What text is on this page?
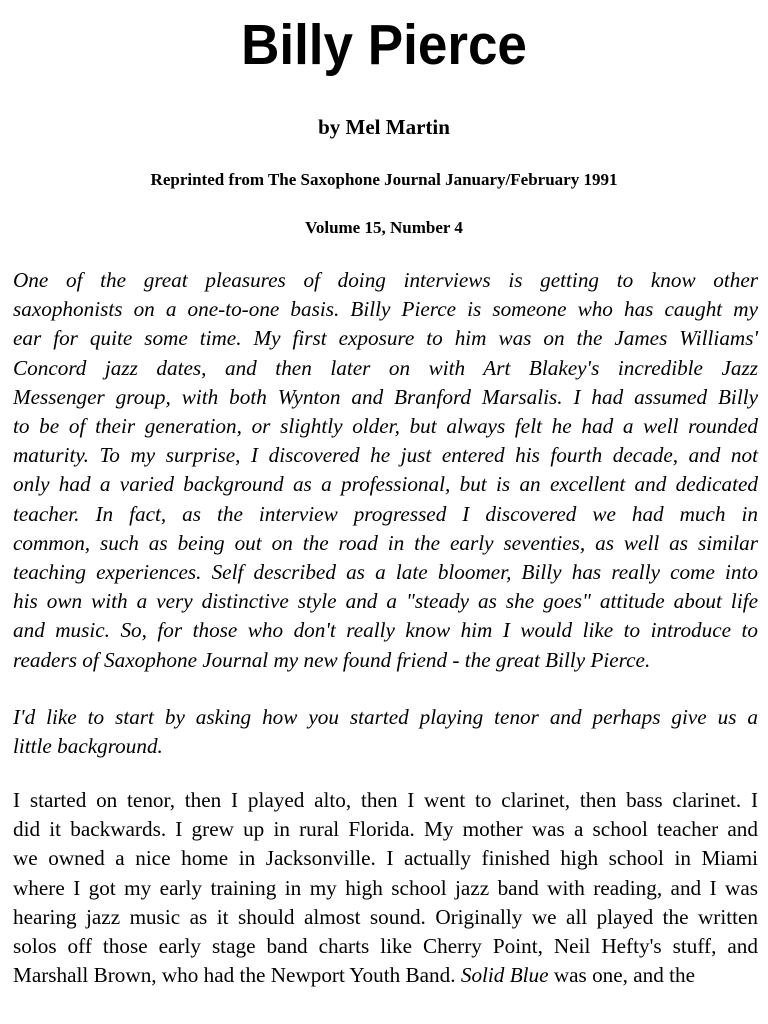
Billy Pierce
by Mel Martin
Reprinted from The Saxophone Journal January/February 1991
Volume 15, Number 4
One of the great pleasures of doing interviews is getting to know other
saxophonists on a one-to-one basis. Billy Pierce is someone who has caught my
ear for quite some time. My first exposure to him was on the James Williams'
Concord jazz dates, and then later on with Art Blakey's incredible Jazz
Messenger group, with both Wynton and Branford Marsalis. I had assumed Billy
to be of their generation, or slightly older, but always felt he had a well rounded
maturity. To my surprise, I discovered he just entered his fourth decade, and not
only had a varied background as a professional, but is an excellent and dedicated
teacher. In fact, as the interview progressed I discovered we had much in
common, such as being out on the road in the early seventies, as well as similar
teaching experiences. Self described as a late bloomer, Billy has really come into
his own with a very distinctive style and a "steady as she goes" attitude about life
and music. So, for those who don't really know him I would like to introduce to
readers of Saxophone Journal my new found friend - the great Billy Pierce.
I'd like to start by asking how you started playing tenor and perhaps give us a
little background.
I started on tenor, then I played alto, then I went to clarinet, then bass clarinet. I
did it backwards. I grew up in rural Florida. My mother was a school teacher and
we owned a nice home in Jacksonville. I actually finished high school in Miami
where I got my early training in my high school jazz band with reading, and I was
hearing jazz music as it should almost sound. Originally we all played the written
solos off those early stage band charts like Cherry Point, Neil Hefty's stuff, and
Marshall Brown, who had the Newport Youth Band. Solid Blue was one, and the
